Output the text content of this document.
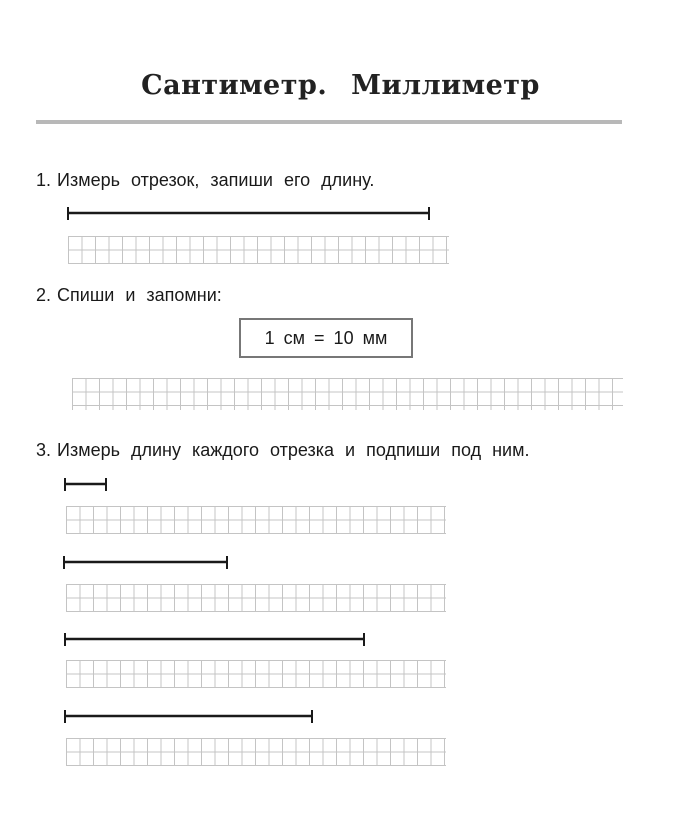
Сантиметр. Миллиметр
1. Измерь отрезок, запиши его длину.
2. Спиши и запомни:
1 см = 10 мм
3. Измерь длину каждого отрезка и подпиши под ним.
